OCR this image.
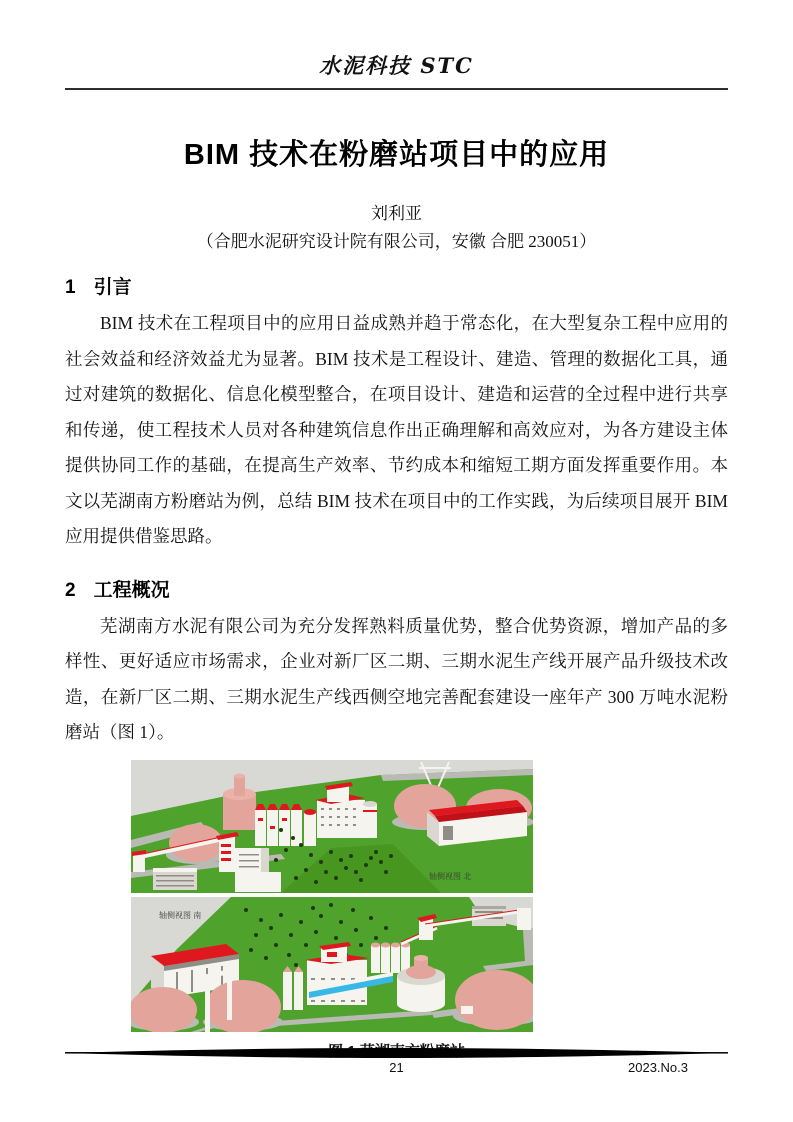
水泥科技 STC
BIM 技术在粉磨站项目中的应用
刘利亚
（合肥水泥研究设计院有限公司，安徽 合肥 230051）
1 引言

BIM 技术在工程项目中的应用日益成熟并趋于常态化，在大型复杂工程中应用的社会效益和经济效益尤为显著。BIM 技术是工程设计、建造、管理的数据化工具，通过对建筑的数据化、信息化模型整合，在项目设计、建造和运营的全过程中进行共享和传递，使工程技术人员对各种建筑信息作出正确理解和高效应对，为各方建设主体提供协同工作的基础，在提高生产效率、节约成本和缩短工期方面发挥重要作用。本文以芜湖南方粉磨站为例，总结 BIM 技术在项目中的工作实践，为后续项目展开 BIM 应用提供借鉴思路。

2 工程概况

芜湖南方水泥有限公司为充分发挥熟料质量优势，整合优势资源，增加产品的多样性、更好适应市场需求，企业对新厂区二期、三期水泥生产线开展产品升级技术改造，在新厂区二期、三期水泥生产线西侧空地完善配套建设一座年产 300 万吨水泥粉磨站（图 1）。

轴侧视图 北
轴侧视图 南
21	2023.No.3
